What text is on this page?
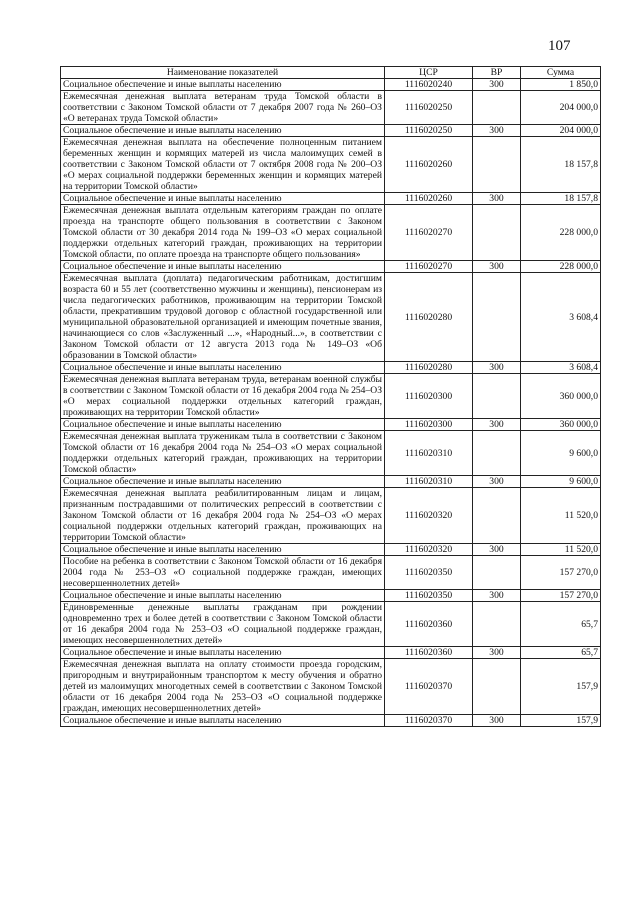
107
Наименование показателей	ЦСР	ВР	Сумма
Социальное обеспечение и иные выплаты населению	1116020240	300	1 850,0
Ежемесячная денежная выплата ветеранам труда Томской области в соответствии с Законом Томской области от 7 декабря 2007 года № 260–ОЗ «О ветеранах труда Томской области»	1116020250		204 000,0
Социальное обеспечение и иные выплаты населению	1116020250	300	204 000,0
Ежемесячная денежная выплата на обеспечение полноценным питанием беременных женщин и кормящих матерей из числа малоимущих семей в соответствии с Законом Томской области от 7 октября 2008 года № 200–ОЗ «О мерах социальной поддержки беременных женщин и кормящих матерей на территории Томской области»	1116020260		18 157,8
Социальное обеспечение и иные выплаты населению	1116020260	300	18 157,8
Ежемесячная денежная выплата отдельным категориям граждан по оплате проезда на транспорте общего пользования в соответствии с Законом Томской области от 30 декабря 2014 года № 199–ОЗ «О мерах социальной поддержки отдельных категорий граждан, проживающих на территории Томской области, по оплате проезда на транспорте общего пользования»	1116020270		228 000,0
Социальное обеспечение и иные выплаты населению	1116020270	300	228 000,0
Ежемесячная выплата (доплата) педагогическим работникам, достигшим возраста 60 и 55 лет (соответственно мужчины и женщины), пенсионерам из числа педагогических работников, проживающим на территории Томской области, прекратившим трудовой договор с областной государственной или муниципальной образовательной организацией и имеющим почетные звания, начинающиеся со слов «Заслуженный ...», «Народный...», в соответствии с Законом Томской области от 12 августа 2013 года № 149–ОЗ «Об образовании в Томской области»	1116020280		3 608,4
Социальное обеспечение и иные выплаты населению	1116020280	300	3 608,4
Ежемесячная денежная выплата ветеранам труда, ветеранам военной службы в соответствии с Законом Томской области от 16 декабря 2004 года № 254–ОЗ «О мерах социальной поддержки отдельных категорий граждан, проживающих на территории Томской области»	1116020300		360 000,0
Социальное обеспечение и иные выплаты населению	1116020300	300	360 000,0
Ежемесячная денежная выплата труженикам тыла в соответствии с Законом Томской области от 16 декабря 2004 года № 254–ОЗ «О мерах социальной поддержки отдельных категорий граждан, проживающих на территории Томской области»	1116020310		9 600,0
Социальное обеспечение и иные выплаты населению	1116020310	300	9 600,0
Ежемесячная денежная выплата реабилитированным лицам и лицам, признанным пострадавшими от политических репрессий в соответствии с Законом Томской области от 16 декабря 2004 года № 254–ОЗ «О мерах социальной поддержки отдельных категорий граждан, проживающих на территории Томской области»	1116020320		11 520,0
Социальное обеспечение и иные выплаты населению	1116020320	300	11 520,0
Пособие на ребенка в соответствии с Законом Томской области от 16 декабря 2004 года № 253–ОЗ «О социальной поддержке граждан, имеющих несовершеннолетних детей»	1116020350		157 270,0
Социальное обеспечение и иные выплаты населению	1116020350	300	157 270,0
Единовременные денежные выплаты гражданам при рождении одновременно трех и более детей в соответствии с Законом Томской области от 16 декабря 2004 года № 253–ОЗ «О социальной поддержке граждан, имеющих несовершеннолетних детей»	1116020360		65,7
Социальное обеспечение и иные выплаты населению	1116020360	300	65,7
Ежемесячная денежная выплата на оплату стоимости проезда городским, пригородным и внутрирайонным транспортом к месту обучения и обратно детей из малоимущих многодетных семей в соответствии с Законом Томской области от 16 декабря 2004 года № 253–ОЗ «О социальной поддержке граждан, имеющих несовершеннолетних детей»	1116020370		157,9
Социальное обеспечение и иные выплаты населению	1116020370	300	157,9
